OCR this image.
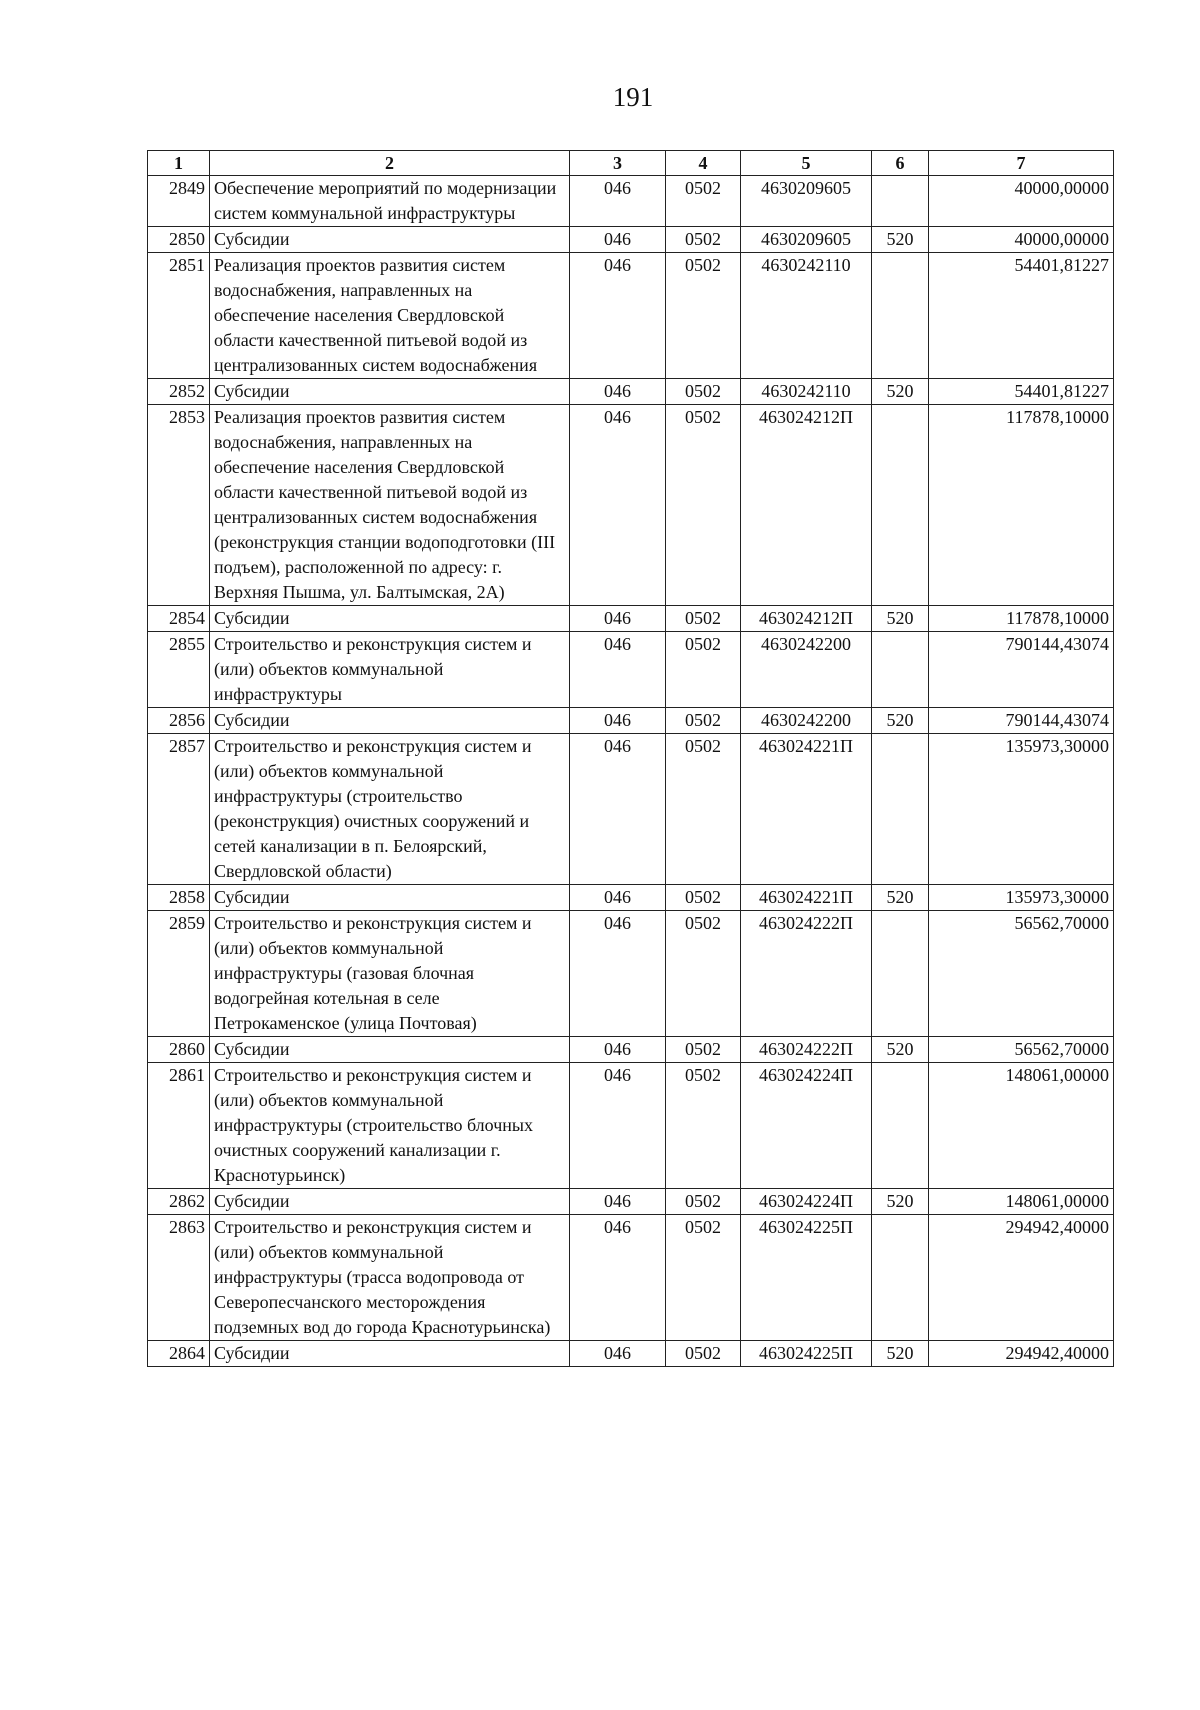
191
1	2	3	4	5	6	7
2849	Обеспечение мероприятий по модернизации систем коммунальной инфраструктуры	046	0502	4630209605		40000,00000
2850	Субсидии	046	0502	4630209605	520	40000,00000
2851	Реализация проектов развития систем водоснабжения, направленных на обеспечение населения Свердловской области качественной питьевой водой из централизованных систем водоснабжения	046	0502	4630242110		54401,81227
2852	Субсидии	046	0502	4630242110	520	54401,81227
2853	Реализация проектов развития систем водоснабжения, направленных на обеспечение населения Свердловской области качественной питьевой водой из централизованных систем водоснабжения (реконструкция станции водоподготовки (III подъем), расположенной по адресу: г. Верхняя Пышма, ул. Балтымская, 2А)	046	0502	463024212П		117878,10000
2854	Субсидии	046	0502	463024212П	520	117878,10000
2855	Строительство и реконструкция систем и (или) объектов коммунальной инфраструктуры	046	0502	4630242200		790144,43074
2856	Субсидии	046	0502	4630242200	520	790144,43074
2857	Строительство и реконструкция систем и (или) объектов коммунальной инфраструктуры (строительство (реконструкция) очистных сооружений и сетей канализации в п. Белоярский, Свердловской области)	046	0502	463024221П		135973,30000
2858	Субсидии	046	0502	463024221П	520	135973,30000
2859	Строительство и реконструкция систем и (или) объектов коммунальной инфраструктуры (газовая блочная водогрейная котельная в селе Петрокаменское (улица Почтовая)	046	0502	463024222П		56562,70000
2860	Субсидии	046	0502	463024222П	520	56562,70000
2861	Строительство и реконструкция систем и (или) объектов коммунальной инфраструктуры (строительство блочных очистных сооружений канализации г. Краснотурьинск)	046	0502	463024224П		148061,00000
2862	Субсидии	046	0502	463024224П	520	148061,00000
2863	Строительство и реконструкция систем и (или) объектов коммунальной инфраструктуры (трасса водопровода от Северопесчанского месторождения подземных вод до города Краснотурьинска)	046	0502	463024225П		294942,40000
2864	Субсидии	046	0502	463024225П	520	294942,40000
